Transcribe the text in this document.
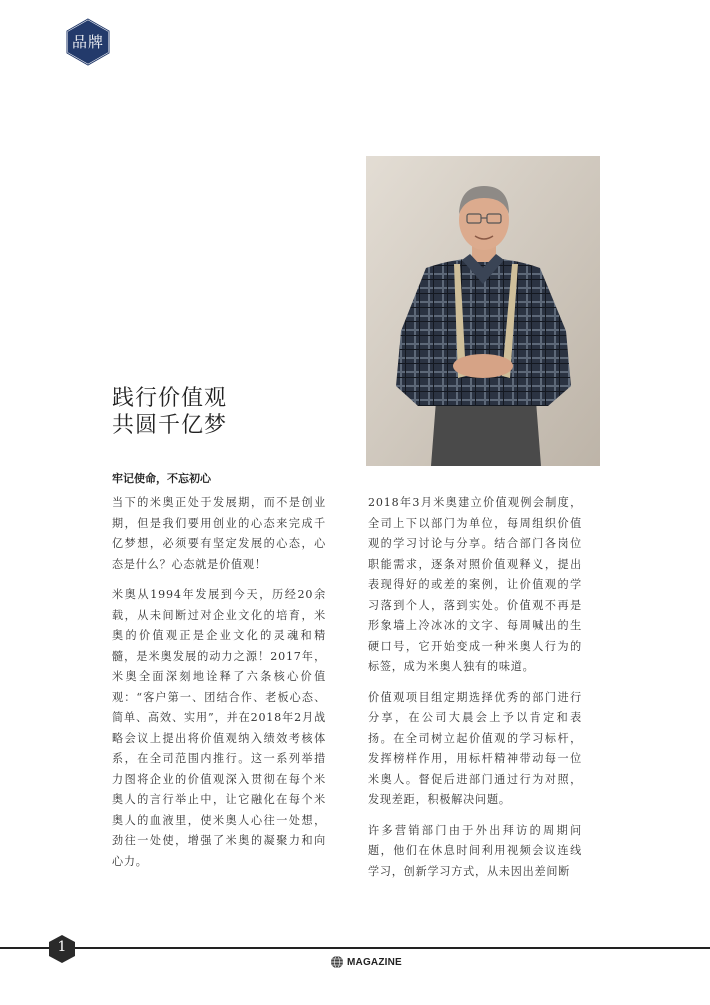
品牌
践行价值观
共圆千亿梦
牢记使命，不忘初心

当下的米奥正处于发展期，而不是创业期，但是我们要用创业的心态来完成千亿梦想，必须要有坚定发展的心态，心态是什么？心态就是价值观！

米奥从1994年发展到今天，历经20余载，从未间断过对企业文化的培育，米奥的价值观正是企业文化的灵魂和精髓，是米奥发展的动力之源！2017年，米奥全面深刻地诠释了六条核心价值观：“客户第一、团结合作、老板心态、简单、高效、实用”，并在2018年2月战略会议上提出将价值观纳入绩效考核体系，在全司范围内推行。这一系列举措力图将企业的价值观深入贯彻在每个米奥人的言行举止中，让它融化在每个米奥人的血液里，使米奥人心往一处想，劲往一处使，增强了米奥的凝聚力和向心力。

2018年3月米奥建立价值观例会制度，全司上下以部门为单位，每周组织价值观的学习讨论与分享。结合部门各岗位职能需求，逐条对照价值观释义，提出表现得好的或差的案例，让价值观的学习落到个人，落到实处。价值观不再是形象墙上冷冰冰的文字、每周喊出的生硬口号，它开始变成一种米奥人行为的标签，成为米奥人独有的味道。

价值观项目组定期选择优秀的部门进行分享，在公司大晨会上予以肯定和表扬。在全司树立起价值观的学习标杆，发挥榜样作用，用标杆精神带动每一位米奥人。督促后进部门通过行为对照，发现差距，积极解决问题。

许多营销部门由于外出拜访的周期问题，他们在休息时间利用视频会议连线学习，创新学习方式，从未因出差间断

1
MAGAZINE
